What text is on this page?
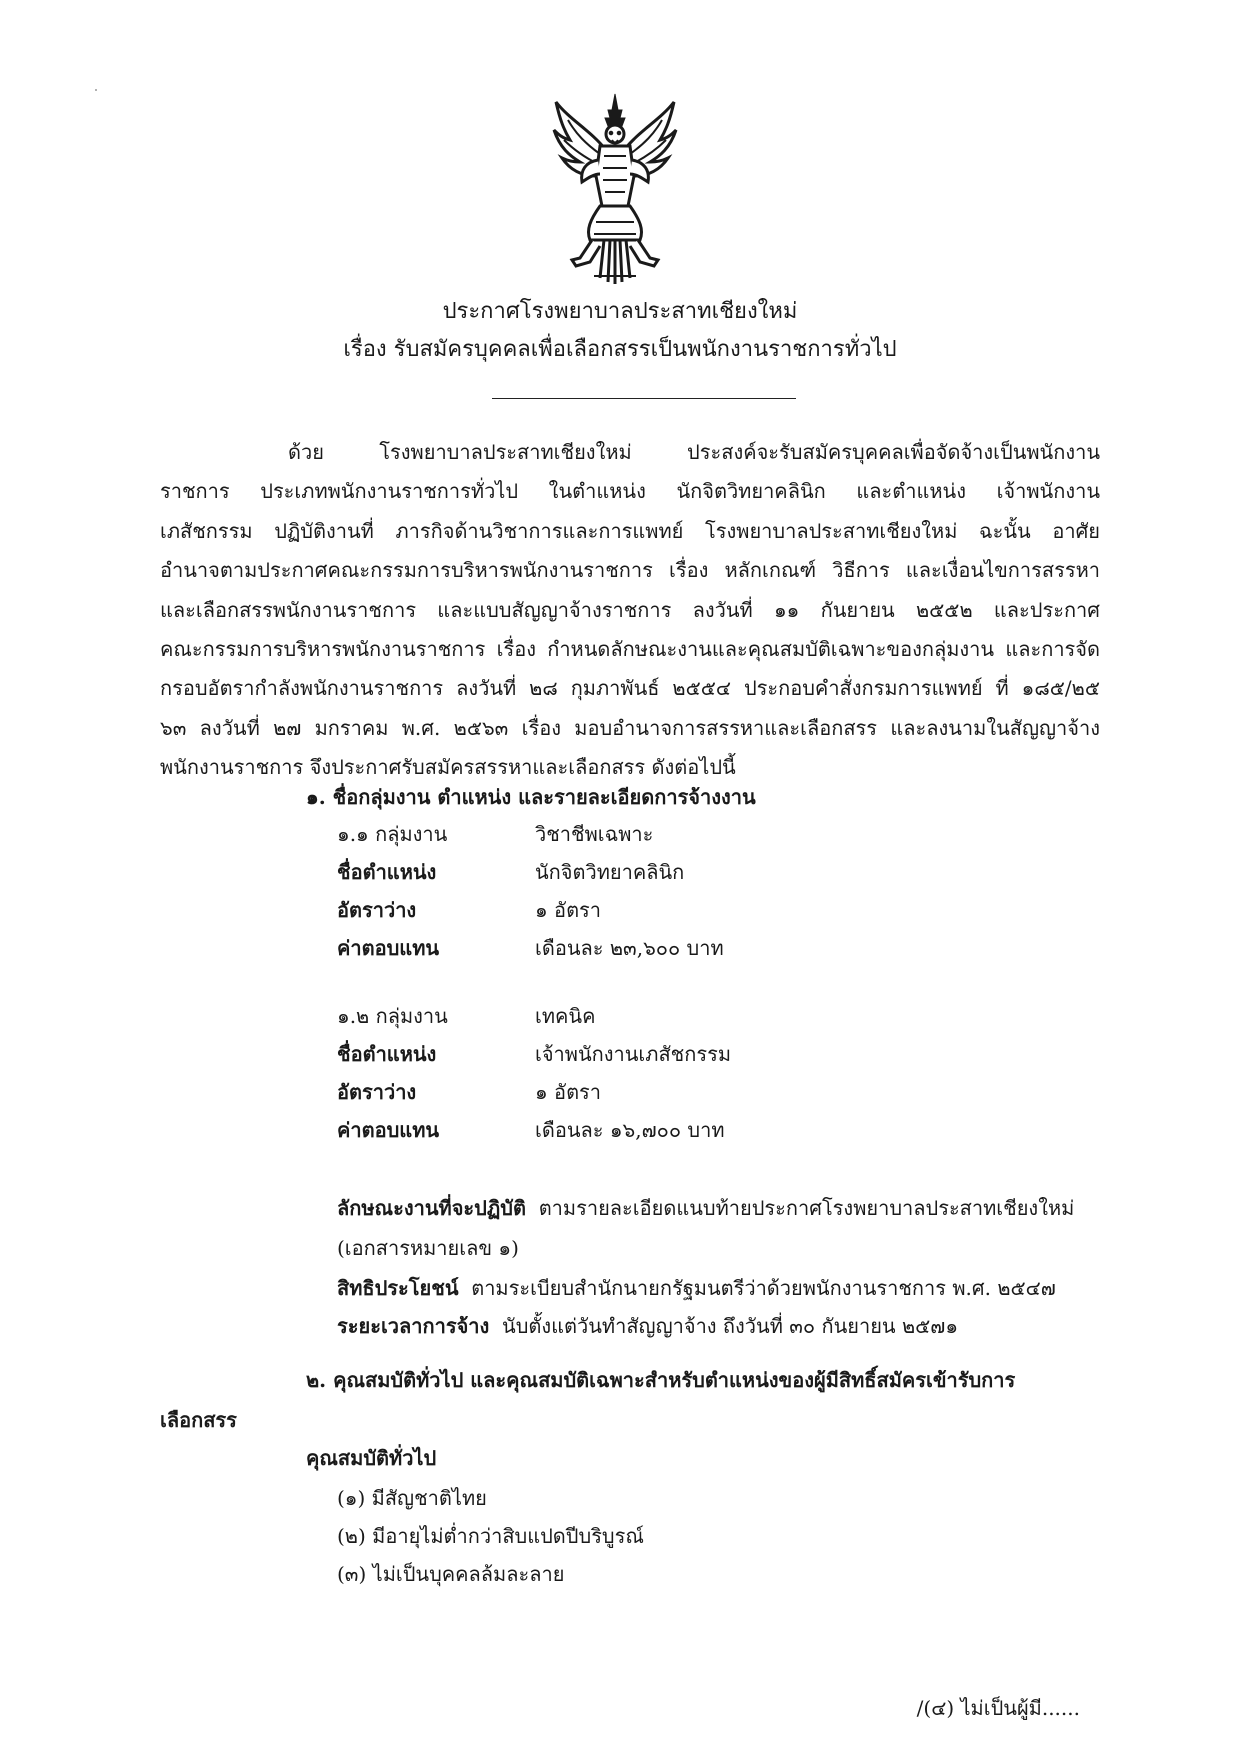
ประกาศโรงพยาบาลประสาทเชียงใหม่
เรื่อง รับสมัครบุคคลเพื่อเลือกสรรเป็นพนักงานราชการทั่วไป
ด้วย โรงพยาบาลประสาทเชียงใหม่ ประสงค์จะรับสมัครบุคคลเพื่อจัดจ้างเป็นพนักงาน
ราชการ ประเภทพนักงานราชการทั่วไป ในตำแหน่ง นักจิตวิทยาคลินิก และตำแหน่ง เจ้าพนักงาน
เภสัชกรรม ปฏิบัติงานที่ ภารกิจด้านวิชาการและการแพทย์ โรงพยาบาลประสาทเชียงใหม่ ฉะนั้น อาศัย
อำนาจตามประกาศคณะกรรมการบริหารพนักงานราชการ เรื่อง หลักเกณฑ์ วิธีการ และเงื่อนไขการสรรหา
และเลือกสรรพนักงานราชการ และแบบสัญญาจ้างราชการ ลงวันที่ ๑๑ กันยายน ๒๕๕๒ และประกาศ
คณะกรรมการบริหารพนักงานราชการ เรื่อง กำหนดลักษณะงานและคุณสมบัติเฉพาะของกลุ่มงาน และการจัด
กรอบอัตรากำลังพนักงานราชการ ลงวันที่ ๒๘ กุมภาพันธ์ ๒๕๕๔ ประกอบคำสั่งกรมการแพทย์ ที่ ๑๘๕/๒๕
๖๓ ลงวันที่ ๒๗ มกราคม พ.ศ. ๒๕๖๓ เรื่อง มอบอำนาจการสรรหาและเลือกสรร และลงนามในสัญญาจ้าง
พนักงานราชการ จึงประกาศรับสมัครสรรหาและเลือกสรร ดังต่อไปนี้
๑. ชื่อกลุ่มงาน ตำแหน่ง และรายละเอียดการจ้างงาน
๑.๑ กลุ่มงาน	วิชาชีพเฉพาะ
ชื่อตำแหน่ง	นักจิตวิทยาคลินิก
อัตราว่าง	๑ อัตรา
ค่าตอบแทน	เดือนละ ๒๓,๖๐๐ บาท
๑.๒ กลุ่มงาน	เทคนิค
ชื่อตำแหน่ง	เจ้าพนักงานเภสัชกรรม
อัตราว่าง	๑ อัตรา
ค่าตอบแทน	เดือนละ ๑๖,๗๐๐ บาท
ลักษณะงานที่จะปฏิบัติ ตามรายละเอียดแนบท้ายประกาศโรงพยาบาลประสาทเชียงใหม่
(เอกสารหมายเลข ๑)
สิทธิประโยชน์ ตามระเบียบสำนักนายกรัฐมนตรีว่าด้วยพนักงานราชการ พ.ศ. ๒๕๔๗
ระยะเวลาการจ้าง นับตั้งแต่วันทำสัญญาจ้าง ถึงวันที่ ๓๐ กันยายน ๒๕๗๑
๒. คุณสมบัติทั่วไป และคุณสมบัติเฉพาะสำหรับตำแหน่งของผู้มีสิทธิ์สมัครเข้ารับการ
เลือกสรร
คุณสมบัติทั่วไป
(๑) มีสัญชาติไทย
(๒) มีอายุไม่ต่ำกว่าสิบแปดปีบริบูรณ์
(๓) ไม่เป็นบุคคลล้มละลาย
/(๔) ไม่เป็นผู้มี......
